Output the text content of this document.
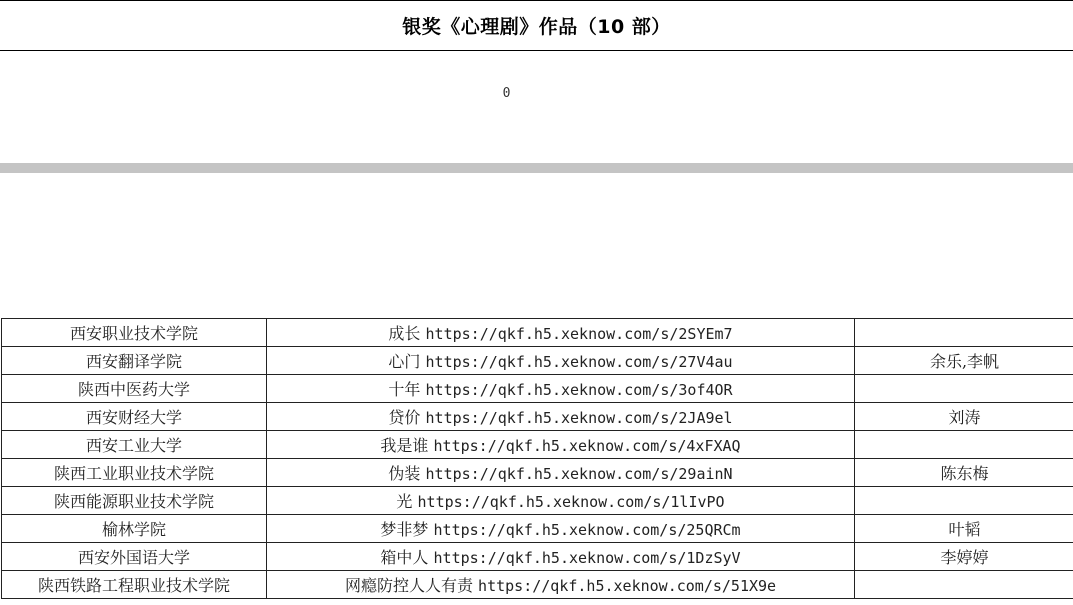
银奖《心理剧》作品（10 部）
0
西安职业技术学院	成长 https://qkf.h5.xeknow.com/s/2SYEm7	
西安翻译学院	心门 https://qkf.h5.xeknow.com/s/27V4au	余乐,李帆
陕西中医药大学	十年 https://qkf.h5.xeknow.com/s/3of4OR	
西安财经大学	贷价 https://qkf.h5.xeknow.com/s/2JA9el	刘涛
西安工业大学	我是谁 https://qkf.h5.xeknow.com/s/4xFXAQ	
陕西工业职业技术学院	伪装 https://qkf.h5.xeknow.com/s/29ainN	陈东梅
陕西能源职业技术学院	光 https://qkf.h5.xeknow.com/s/1lIvPO	
榆林学院	梦非梦 https://qkf.h5.xeknow.com/s/25QRCm	叶韬
西安外国语大学	箱中人 https://qkf.h5.xeknow.com/s/1DzSyV	李婷婷
陕西铁路工程职业技术学院	网瘾防控人人有责 https://qkf.h5.xeknow.com/s/51X9e	
